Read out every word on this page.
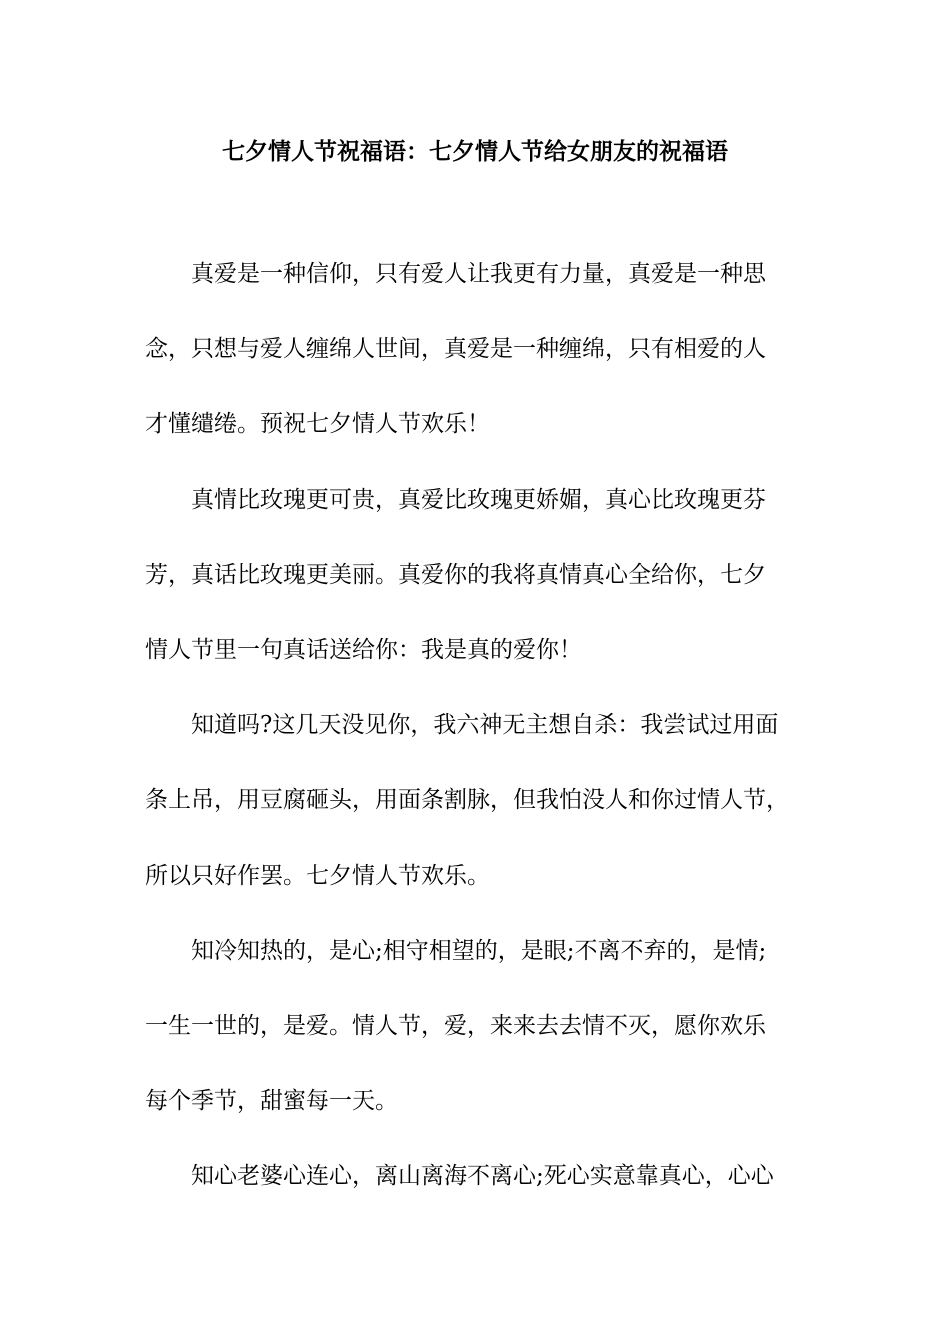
七夕情人节祝福语：七夕情人节给女朋友的祝福语
真爱是一种信仰，只有爱人让我更有力量，真爱是一种思
念，只想与爱人缠绵人世间，真爱是一种缠绵，只有相爱的人
才懂缱绻。预祝七夕情人节欢乐！
真情比玫瑰更可贵，真爱比玫瑰更娇媚，真心比玫瑰更芬
芳，真话比玫瑰更美丽。真爱你的我将真情真心全给你，七夕
情人节里一句真话送给你：我是真的爱你！
知道吗?这几天没见你，我六神无主想自杀：我尝试过用面
条上吊，用豆腐砸头，用面条割脉，但我怕没人和你过情人节，
所以只好作罢。七夕情人节欢乐。
知冷知热的，是心;相守相望的，是眼;不离不弃的，是情;
一生一世的，是爱。情人节，爱，来来去去情不灭，愿你欢乐
每个季节，甜蜜每一天。
知心老婆心连心，离山离海不离心;死心实意靠真心，心心
